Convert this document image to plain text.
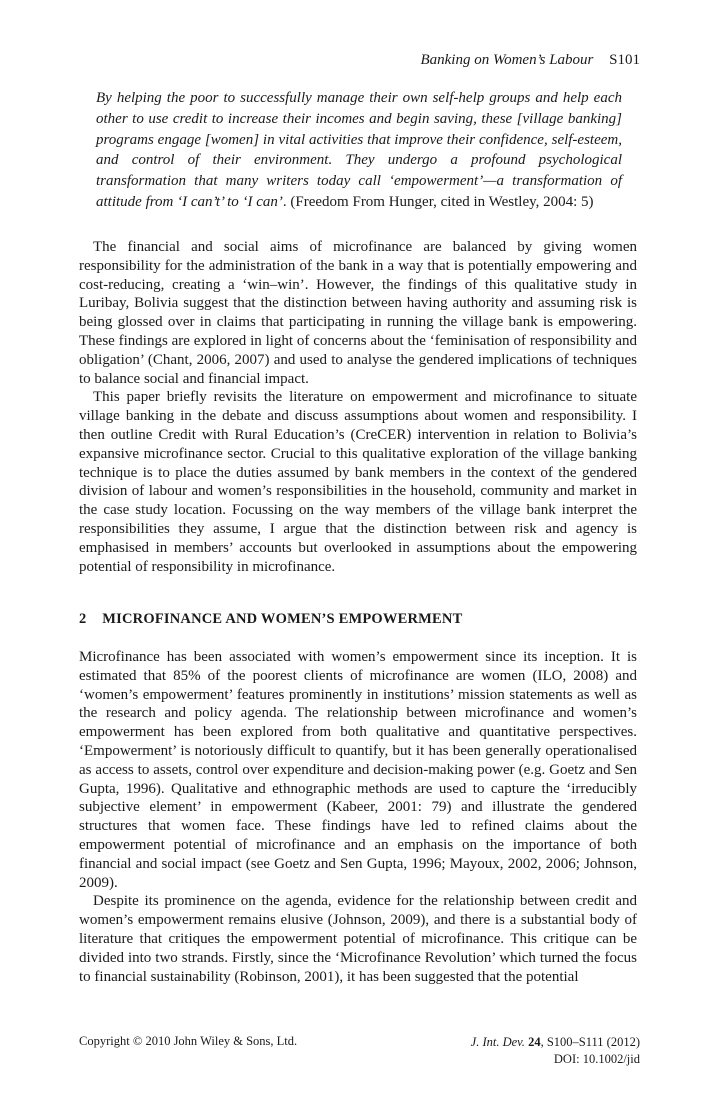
Banking on Women’s Labour S101
By helping the poor to successfully manage their own self-help groups and help each other to use credit to increase their incomes and begin saving, these [village banking] programs engage [women] in vital activities that improve their confidence, self-esteem, and control of their environment. They undergo a profound psychological transformation that many writers today call ‘empowerment’—a transformation of attitude from ‘I can’t’ to ‘I can’. (Freedom From Hunger, cited in Westley, 2004: 5)

The financial and social aims of microfinance are balanced by giving women responsibility for the administration of the bank in a way that is potentially empowering and cost-reducing, creating a ‘win–win’. However, the findings of this qualitative study in Luribay, Bolivia suggest that the distinction between having authority and assuming risk is being glossed over in claims that participating in running the village bank is empowering. These findings are explored in light of concerns about the ‘feminisation of responsibility and obligation’ (Chant, 2006, 2007) and used to analyse the gendered implications of techniques to balance social and financial impact.

This paper briefly revisits the literature on empowerment and microfinance to situate village banking in the debate and discuss assumptions about women and responsibility. I then outline Credit with Rural Education’s (CreCER) intervention in relation to Bolivia’s expansive microfinance sector. Crucial to this qualitative exploration of the village banking technique is to place the duties assumed by bank members in the context of the gendered division of labour and women’s responsibilities in the household, community and market in the case study location. Focussing on the way members of the village bank interpret the responsibilities they assume, I argue that the distinction between risk and agency is emphasised in members’ accounts but overlooked in assumptions about the empowering potential of responsibility in microfinance.

2 MICROFINANCE AND WOMEN’S EMPOWERMENT

Microfinance has been associated with women’s empowerment since its inception. It is estimated that 85% of the poorest clients of microfinance are women (ILO, 2008) and ‘women’s empowerment’ features prominently in institutions’ mission statements as well as the research and policy agenda. The relationship between microfinance and women’s empowerment has been explored from both qualitative and quantitative perspectives. ‘Empowerment’ is notoriously difficult to quantify, but it has been generally operationalised as access to assets, control over expenditure and decision-making power (e.g. Goetz and Sen Gupta, 1996). Qualitative and ethnographic methods are used to capture the ‘irreducibly subjective element’ in empowerment (Kabeer, 2001: 79) and illustrate the gendered structures that women face. These findings have led to refined claims about the empowerment potential of microfinance and an emphasis on the importance of both financial and social impact (see Goetz and Sen Gupta, 1996; Mayoux, 2002, 2006; Johnson, 2009).

Despite its prominence on the agenda, evidence for the relationship between credit and women’s empowerment remains elusive (Johnson, 2009), and there is a substantial body of literature that critiques the empowerment potential of microfinance. This critique can be divided into two strands. Firstly, since the ‘Microfinance Revolution’ which turned the focus to financial sustainability (Robinson, 2001), it has been suggested that the potential

Copyright © 2010 John Wiley & Sons, Ltd.	J. Int. Dev. 24, S100–S111 (2012)
DOI: 10.1002/jid
